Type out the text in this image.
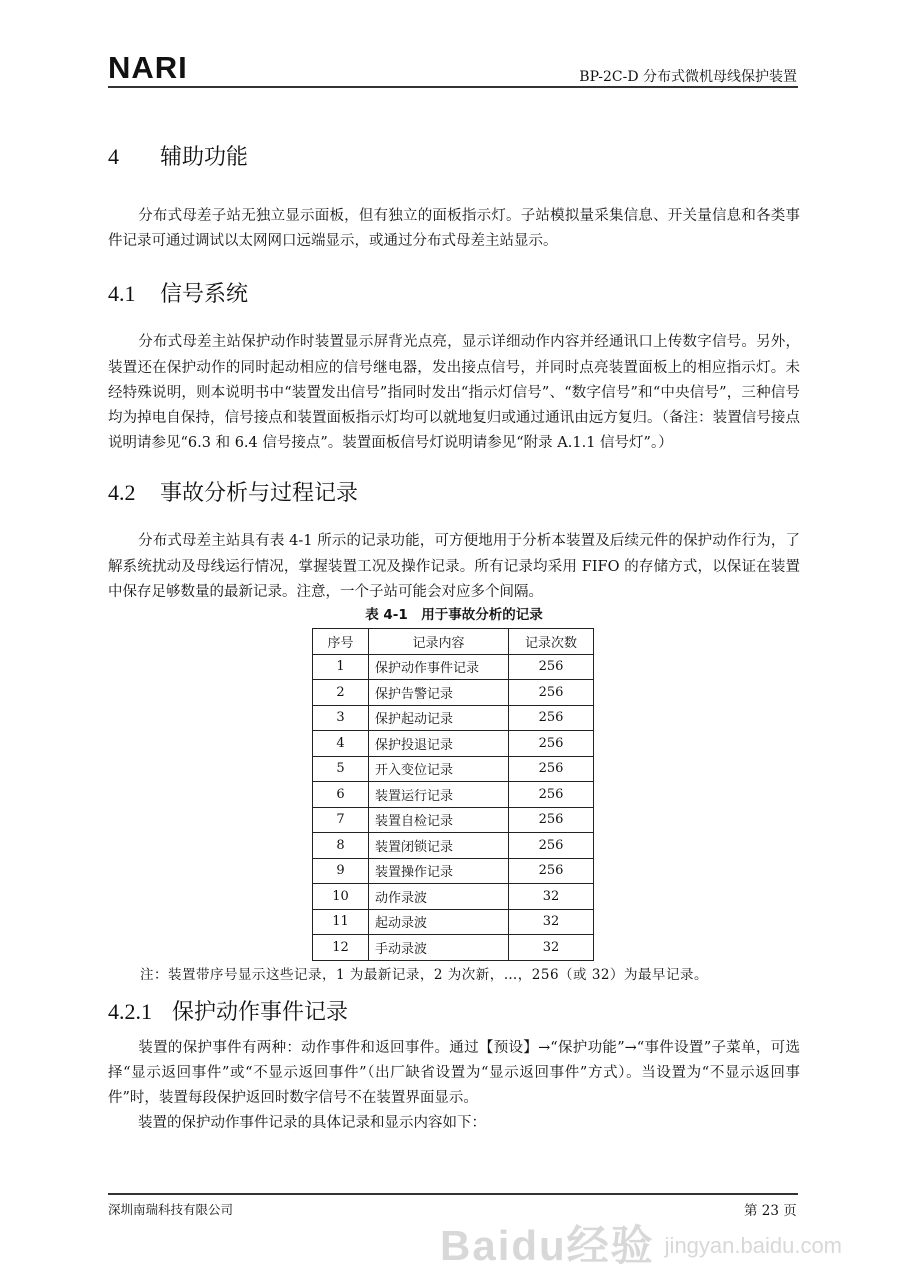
NARI	BP-2C-D 分布式微机母线保护装置
4 辅助功能
分布式母差子站无独立显示面板，但有独立的面板指示灯。子站模拟量采集信息、开关量信息和各类事件记录可通过调试以太网网口远端显示，或通过分布式母差主站显示。
4.1 信号系统
分布式母差主站保护动作时装置显示屏背光点亮，显示详细动作内容并经通讯口上传数字信号。另外，装置还在保护动作的同时起动相应的信号继电器，发出接点信号，并同时点亮装置面板上的相应指示灯。未经特殊说明，则本说明书中“装置发出信号”指同时发出“指示灯信号”、“数字信号”和“中央信号”，三种信号均为掉电自保持，信号接点和装置面板指示灯均可以就地复归或通过通讯由远方复归。（备注：装置信号接点说明请参见“6.3 和 6.4 信号接点”。装置面板信号灯说明请参见“附录 A.1.1 信号灯”。）
4.2 事故分析与过程记录
分布式母差主站具有表 4-1 所示的记录功能，可方便地用于分析本装置及后续元件的保护动作行为，了解系统扰动及母线运行情况，掌握装置工况及操作记录。所有记录均采用 FIFO 的存储方式，以保证在装置中保存足够数量的最新记录。注意，一个子站可能会对应多个间隔。
表 4-1　用于事故分析的记录
序号	记录内容	记录次数
1	保护动作事件记录	256
2	保护告警记录	256
3	保护起动记录	256
4	保护投退记录	256
5	开入变位记录	256
6	装置运行记录	256
7	装置自检记录	256
8	装置闭锁记录	256
9	装置操作记录	256
10	动作录波	32
11	起动录波	32
12	手动录波	32
注：装置带序号显示这些记录，1 为最新记录，2 为次新，…，256（或 32）为最早记录。
4.2.1 保护动作事件记录
装置的保护事件有两种：动作事件和返回事件。通过【预设】→“保护功能”→“事件设置”子菜单，可选择“显示返回事件”或“不显示返回事件”（出厂缺省设置为“显示返回事件”方式）。当设置为“不显示返回事件”时，装置每段保护返回时数字信号不在装置界面显示。
装置的保护动作事件记录的具体记录和显示内容如下：
深圳南瑞科技有限公司	第 23 页
Baidu经验 jingyan.baidu.com
